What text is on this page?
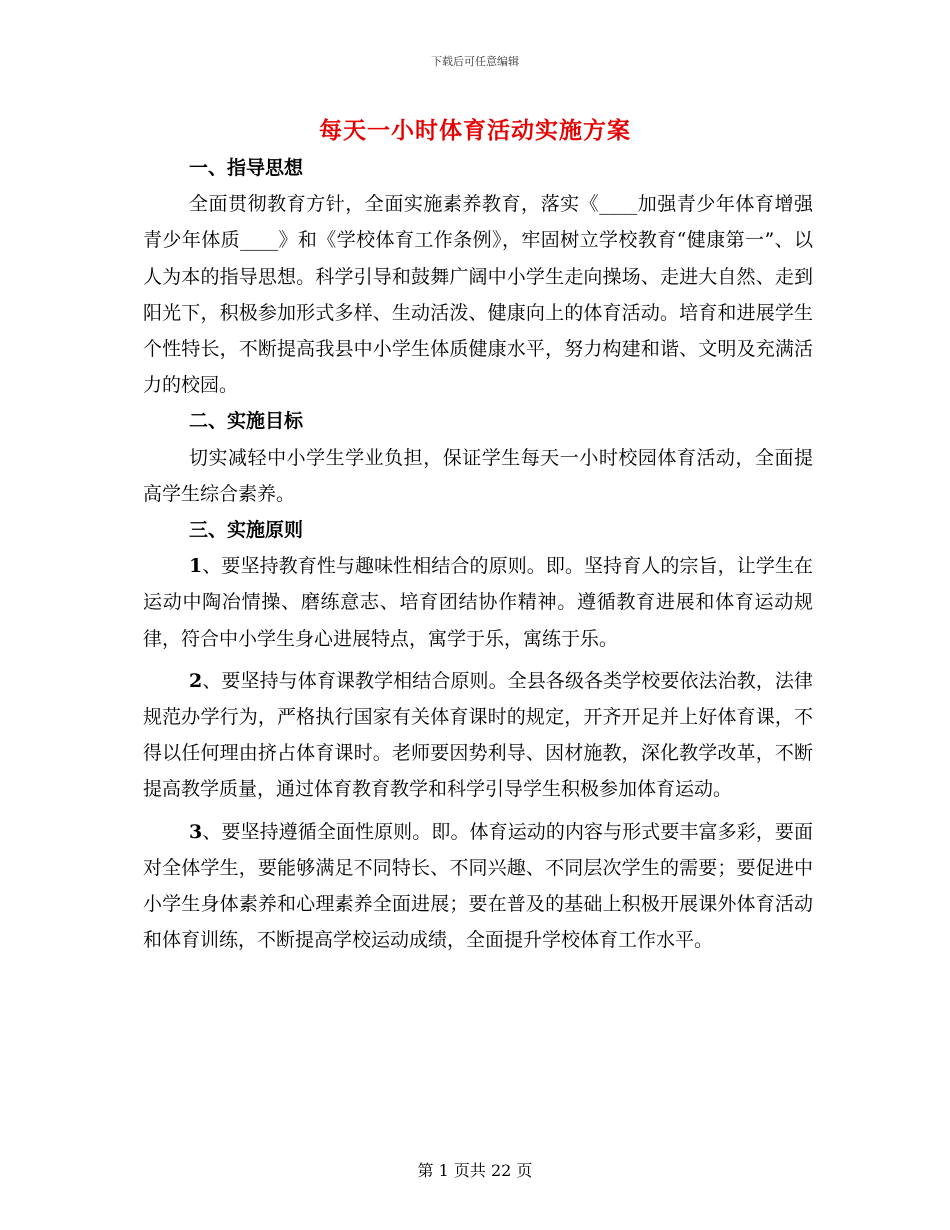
下载后可任意编辑
每天一小时体育活动实施方案

一、指导思想

全面贯彻教育方针，全面实施素养教育，落实《____加强青少年体育增强青少年体质____》和《学校体育工作条例》，牢固树立学校教育“健康第一”、以人为本的指导思想。科学引导和鼓舞广阔中小学生走向操场、走进大自然、走到阳光下，积极参加形式多样、生动活泼、健康向上的体育活动。培育和进展学生个性特长，不断提高我县中小学生体质健康水平，努力构建和谐、文明及充满活力的校园。

二、实施目标

切实减轻中小学生学业负担，保证学生每天一小时校园体育活动，全面提高学生综合素养。

三、实施原则

1、要坚持教育性与趣味性相结合的原则。即。坚持育人的宗旨，让学生在运动中陶冶情操、磨练意志、培育团结协作精神。遵循教育进展和体育运动规律，符合中小学生身心进展特点，寓学于乐，寓练于乐。

2、要坚持与体育课教学相结合原则。全县各级各类学校要依法治教，法律规范办学行为，严格执行国家有关体育课时的规定，开齐开足并上好体育课，不得以任何理由挤占体育课时。老师要因势利导、因材施教，深化教学改革，不断提高教学质量，通过体育教育教学和科学引导学生积极参加体育运动。

3、要坚持遵循全面性原则。即。体育运动的内容与形式要丰富多彩，要面对全体学生，要能够满足不同特长、不同兴趣、不同层次学生的需要；要促进中小学生身体素养和心理素养全面进展；要在普及的基础上积极开展课外体育活动和体育训练，不断提高学校运动成绩，全面提升学校体育工作水平。

第 1 页共 22 页
